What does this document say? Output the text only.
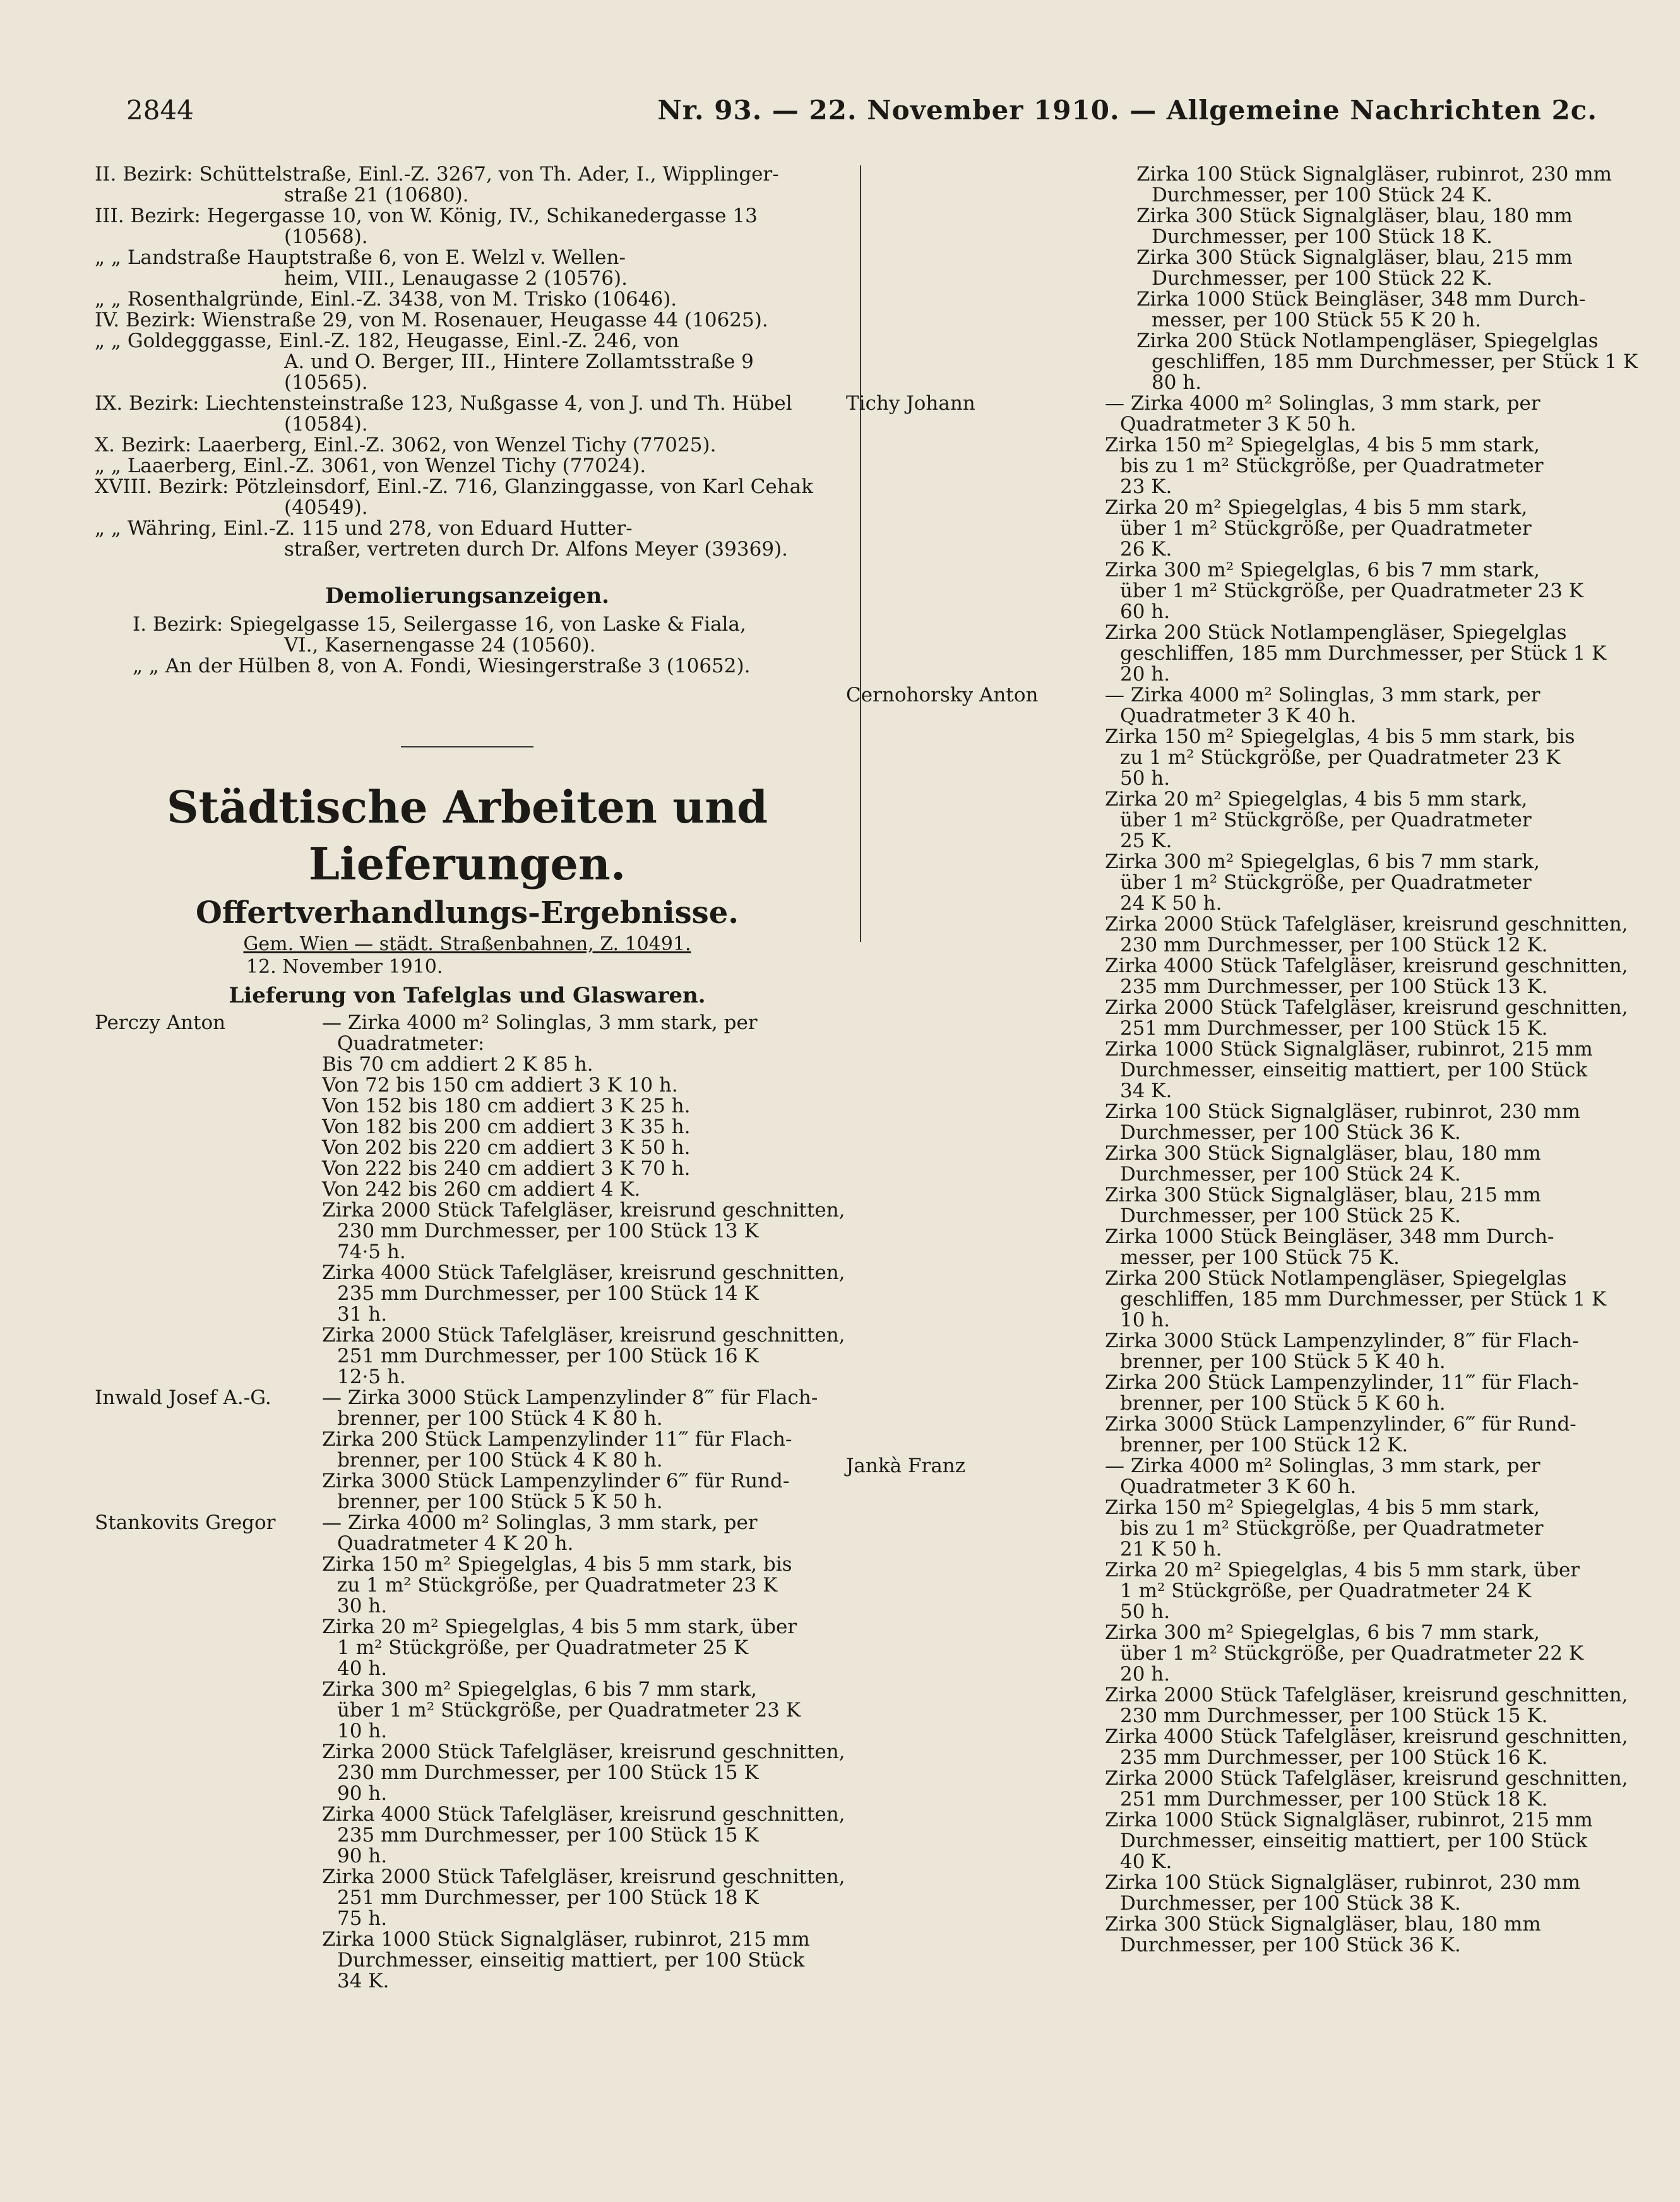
2844	Nr. 93. — 22. November 1910. — Allgemeine Nachrichten 2c.
II. Bezirk: Schüttelstraße, Einl.-Z. 3267, von Th. Ader, I., Wipplinger-
straße 21 (10680).
III. Bezirk: Hegergasse 10, von W. König, IV., Schikanedergasse 13
(10568).
„ „ Landstraße Hauptstraße 6, von E. Welzl v. Wellen-
heim, VIII., Lenaugasse 2 (10576).
„ „ Rosenthalgründe, Einl.-Z. 3438, von M. Trisko (10646).
IV. Bezirk: Wienstraße 29, von M. Rosenauer, Heugasse 44 (10625).
„ „ Goldegggasse, Einl.-Z. 182, Heugasse, Einl.-Z. 246, von
A. und O. Berger, III., Hintere Zollamtsstraße 9
(10565).
IX. Bezirk: Liechtensteinstraße 123, Nußgasse 4, von J. und Th. Hübel
(10584).
X. Bezirk: Laaerberg, Einl.-Z. 3062, von Wenzel Tichy (77025).
„ „ Laaerberg, Einl.-Z. 3061, von Wenzel Tichy (77024).
XVIII. Bezirk: Pötzleinsdorf, Einl.-Z. 716, Glanzinggasse, von Karl Cehak
(40549).
„ „ Währing, Einl.-Z. 115 und 278, von Eduard Hutter-
straßer, vertreten durch Dr. Alfons Meyer (39369).
Demolierungsanzeigen.
I. Bezirk: Spiegelgasse 15, Seilergasse 16, von Laske & Fiala,
VI., Kasernengasse 24 (10560).
„ „ An der Hülben 8, von A. Fondi, Wiesingerstraße 3 (10652).
Städtische Arbeiten und Lieferungen.
Offertverhandlungs-Ergebnisse.
Gem. Wien — städt. Straßenbahnen, Z. 10491.
12. November 1910.
Lieferung von Tafelglas und Glaswaren.
Perczy Anton	— Zirka 4000 m² Solinglas, 3 mm stark, per
Quadratmeter:
Bis 70 cm addiert 2 K 85 h.
Von 72 bis 150 cm addiert 3 K 10 h.
Von 152 bis 180 cm addiert 3 K 25 h.
Von 182 bis 200 cm addiert 3 K 35 h.
Von 202 bis 220 cm addiert 3 K 50 h.
Von 222 bis 240 cm addiert 3 K 70 h.
Von 242 bis 260 cm addiert 4 K.
Zirka 2000 Stück Tafelgläser, kreisrund geschnitten,
230 mm Durchmesser, per 100 Stück 13 K
74·5 h.
Zirka 4000 Stück Tafelgläser, kreisrund geschnitten,
235 mm Durchmesser, per 100 Stück 14 K
31 h.
Zirka 2000 Stück Tafelgläser, kreisrund geschnitten,
251 mm Durchmesser, per 100 Stück 16 K
12·5 h.
Inwald Josef A.-G.	— Zirka 3000 Stück Lampenzylinder 8‴ für Flach-
brenner, per 100 Stück 4 K 80 h.
Zirka 200 Stück Lampenzylinder 11‴ für Flach-
brenner, per 100 Stück 4 K 80 h.
Zirka 3000 Stück Lampenzylinder 6‴ für Rund-
brenner, per 100 Stück 5 K 50 h.
Stankovits Gregor — Zirka 4000 m² Solinglas, 3 mm stark, per
Quadratmeter 4 K 20 h.
Zirka 150 m² Spiegelglas, 4 bis 5 mm stark, bis
zu 1 m² Stückgröße, per Quadratmeter 23 K
30 h.
Zirka 20 m² Spiegelglas, 4 bis 5 mm stark, über
1 m² Stückgröße, per Quadratmeter 25 K
40 h.
Zirka 300 m² Spiegelglas, 6 bis 7 mm stark,
über 1 m² Stückgröße, per Quadratmeter 23 K
10 h.
Zirka 2000 Stück Tafelgläser, kreisrund geschnitten,
230 mm Durchmesser, per 100 Stück 15 K
90 h.
Zirka 4000 Stück Tafelgläser, kreisrund geschnitten,
235 mm Durchmesser, per 100 Stück 15 K
90 h.
Zirka 2000 Stück Tafelgläser, kreisrund geschnitten,
251 mm Durchmesser, per 100 Stück 18 K
75 h.
Zirka 1000 Stück Signalgläser, rubinrot, 215 mm
Durchmesser, einseitig mattiert, per 100 Stück
34 K.
Zirka 100 Stück Signalgläser, rubinrot, 230 mm
Durchmesser, per 100 Stück 24 K.
Zirka 300 Stück Signalgläser, blau, 180 mm
Durchmesser, per 100 Stück 18 K.
Zirka 300 Stück Signalgläser, blau, 215 mm
Durchmesser, per 100 Stück 22 K.
Zirka 1000 Stück Beingläser, 348 mm Durch-
messer, per 100 Stück 55 K 20 h.
Zirka 200 Stück Notlampengläser, Spiegelglas
geschliffen, 185 mm Durchmesser, per Stück 1 K
80 h.
Tichy Johann	— Zirka 4000 m² Solinglas, 3 mm stark, per
Quadratmeter 3 K 50 h.
Zirka 150 m² Spiegelglas, 4 bis 5 mm stark,
bis zu 1 m² Stückgröße, per Quadratmeter
23 K.
Zirka 20 m² Spiegelglas, 4 bis 5 mm stark,
über 1 m² Stückgröße, per Quadratmeter
26 K.
Zirka 300 m² Spiegelglas, 6 bis 7 mm stark,
über 1 m² Stückgröße, per Quadratmeter 23 K
60 h.
Zirka 200 Stück Notlampengläser, Spiegelglas
geschliffen, 185 mm Durchmesser, per Stück 1 K
20 h.
Cernohorsky Anton	— Zirka 4000 m² Solinglas, 3 mm stark, per
Quadratmeter 3 K 40 h.
Zirka 150 m² Spiegelglas, 4 bis 5 mm stark, bis
zu 1 m² Stückgröße, per Quadratmeter 23 K
50 h.
Zirka 20 m² Spiegelglas, 4 bis 5 mm stark,
über 1 m² Stückgröße, per Quadratmeter
25 K.
Zirka 300 m² Spiegelglas, 6 bis 7 mm stark,
über 1 m² Stückgröße, per Quadratmeter
24 K 50 h.
Zirka 2000 Stück Tafelgläser, kreisrund geschnitten,
230 mm Durchmesser, per 100 Stück 12 K.
Zirka 4000 Stück Tafelgläser, kreisrund geschnitten,
235 mm Durchmesser, per 100 Stück 13 K.
Zirka 2000 Stück Tafelgläser, kreisrund geschnitten,
251 mm Durchmesser, per 100 Stück 15 K.
Zirka 1000 Stück Signalgläser, rubinrot, 215 mm
Durchmesser, einseitig mattiert, per 100 Stück
34 K.
Zirka 100 Stück Signalgläser, rubinrot, 230 mm
Durchmesser, per 100 Stück 36 K.
Zirka 300 Stück Signalgläser, blau, 180 mm
Durchmesser, per 100 Stück 24 K.
Zirka 300 Stück Signalgläser, blau, 215 mm
Durchmesser, per 100 Stück 25 K.
Zirka 1000 Stück Beingläser, 348 mm Durch-
messer, per 100 Stück 75 K.
Zirka 200 Stück Notlampengläser, Spiegelglas
geschliffen, 185 mm Durchmesser, per Stück 1 K
10 h.
Zirka 3000 Stück Lampenzylinder, 8‴ für Flach-
brenner, per 100 Stück 5 K 40 h.
Zirka 200 Stück Lampenzylinder, 11‴ für Flach-
brenner, per 100 Stück 5 K 60 h.
Zirka 3000 Stück Lampenzylinder, 6‴ für Rund-
brenner, per 100 Stück 12 K.
Jankà Franz	— Zirka 4000 m² Solinglas, 3 mm stark, per
Quadratmeter 3 K 60 h.
Zirka 150 m² Spiegelglas, 4 bis 5 mm stark,
bis zu 1 m² Stückgröße, per Quadratmeter
21 K 50 h.
Zirka 20 m² Spiegelglas, 4 bis 5 mm stark, über
1 m² Stückgröße, per Quadratmeter 24 K
50 h.
Zirka 300 m² Spiegelglas, 6 bis 7 mm stark,
über 1 m² Stückgröße, per Quadratmeter 22 K
20 h.
Zirka 2000 Stück Tafelgläser, kreisrund geschnitten,
230 mm Durchmesser, per 100 Stück 15 K.
Zirka 4000 Stück Tafelgläser, kreisrund geschnitten,
235 mm Durchmesser, per 100 Stück 16 K.
Zirka 2000 Stück Tafelgläser, kreisrund geschnitten,
251 mm Durchmesser, per 100 Stück 18 K.
Zirka 1000 Stück Signalgläser, rubinrot, 215 mm
Durchmesser, einseitig mattiert, per 100 Stück
40 K.
Zirka 100 Stück Signalgläser, rubinrot, 230 mm
Durchmesser, per 100 Stück 38 K.
Zirka 300 Stück Signalgläser, blau, 180 mm
Durchmesser, per 100 Stück 36 K.
